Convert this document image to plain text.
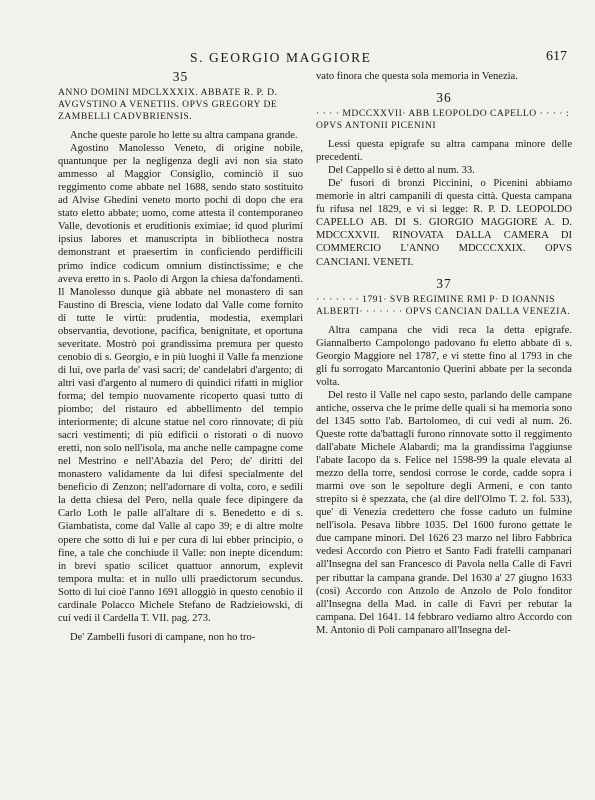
S. GEORGIO MAGGIORE	617
35
ANNO DOMINI MDCLXXXIX. ABBATE R. P. D. AVGVSTINO A VENETIIS. OPVS GREGORY DE ZAMBELLI CADVBRIENSIS.

Anche queste parole ho lette su altra campana grande.

Agostino Manolesso Veneto, di origine nobile, quantunque per la negligenza degli avi non sia stato ammesso al Maggior Consiglio, cominciò il suo reggimento come abbate nel 1688, sendo stato sostituito ad Alvise Ghedini veneto morto pochi di dopo che era stato eletto abbate; uomo, come attesta il contemporaneo Valle, devotionis et eruditionis eximiae; id quod plurimi ipsius labores et manuscripta in bibliotheca nostra demonstrant et praesertim in conficiendo perdifficili primo indice codicum omnium distinctissime; e che aveva eretto in s. Paolo di Argon la chiesa da'fondamenti. Il Manolesso dunque già abbate nel monastero di san Faustino di Brescia, viene lodato dal Valle come fornito di tutte le virtù: prudentia, modestia, exemplari observantia, devotione, pacifica, benignitate, et oportuna severitate. Mostrò poi grandissima premura per questo cenobio di s. Georgio, e in più luoghi il Valle fa menzione di lui, ove parla de' vasi sacri; de' candelabri d'argento; di altri vasi d'argento al numero di quindici rifatti in miglior forma; del tempio nuovamente ricoperto quasi tutto di piombo; del ristauro ed abbellimento del tempio interiormente; di alcune statue nel coro rinnovate; di più sacri vestimenti; di più edificii o ristorati o di nuovo eretti, non solo nell'isola, ma anche nelle campagne come nel Mestrino e nell'Abazia del Pero; de' diritti del monastero validamente da lui difesi specialmente del beneficio di Zenzon; nell'adornare di volta, coro, e sedili la detta chiesa del Pero, nella quale fece dipingere da Carlo Loth le palle all'altare di s. Benedetto e di s. Giambatista, come dal Valle al capo 39; e di altre molte opere che sotto di lui e per cura di lui ebber principio, o fine, a tale che conchiude il Valle: non inepte dicendum: in brevi spatio scilicet quattuor annorum, explevit tempora multa: et in nullo ulli praedictorum secundus. Sotto di lui cioè l'anno 1691 alloggiò in questo cenobio il cardinale Polacco Michele Stefano de Radzieiowski, di cui vedi il Cardella T. VII. pag. 273.

De' Zambelli fusori di campane, non ho tro-

vato finora che questa sola memoria in Venezia.

36
· · · · MDCCXXVII· ABB LEOPOLDO CAPELLO · · · · : OPVS ANTONII PICENINI

Lessi questa epigrafe su altra campana minore delle precedenti.

Del Cappello si è detto al num. 33.

De' fusori di bronzi Piccinini, o Picenini abbiamo memorie in altri campanili di questa città. Questa campana fu rifusa nel 1829, e vi si legge: R. P. D. LEOPOLDO CAPELLO AB. DI S. GIORGIO MAGGIORE A. D. MDCCXXVII. RINOVATA DALLA CAMERA DI COMMERCIO L'ANNO MDCCCXXIX. OPVS CANCIANI. VENETI.

37
· · · · · · · 1791· SVB REGIMINE RMI P· D IOANNIS ALBERTI· · · · · · · OPVS CANCIAN DALLA VENEZIA.

Altra campana che vidi reca la detta epigrafe. Giannalberto Campolongo padovano fu eletto abbate di s. Georgio Maggiore nel 1787, e vi stette fino al 1793 in che gli fu sorrogato Marcantonio Querini abbate per la seconda volta.

Del resto il Valle nel capo sesto, parlando delle campane antiche, osserva che le prime delle quali si ha memoria sono del 1345 sotto l'ab. Bartolomeo, di cui vedi al num. 26. Queste rotte da'battagli furono rinnovate sotto il reggimento dall'abate Michele Alabardi; ma la grandissima l'aggiunse l'abate Iacopo da s. Felice nel 1598-99 la quale elevata al mezzo della torre, sendosi corrose le corde, cadde sopra i marmi ove son le sepolture degli Armeni, e con tanto strepito si è spezzata, che (al dire dell'Olmo T. 2. fol. 533), que' di Venezia credettero che fosse caduto un fulmine nell'isola. Pesava libbre 1035. Del 1600 furono gettate le due campane minori. Del 1626 23 marzo nel libro Fabbrica vedesi Accordo con Pietro et Santo Fadi fratelli campanari all'Insegna del san Francesco di Pavola nella Calle di Favri per ributtar la campana grande. Del 1630 a' 27 giugno 1633 (così) Accordo con Anzolo de Anzolo de Polo fonditor all'Insegna della Mad. in calle di Favri per rebutar la campana. Del 1641. 14 febbraro vediamo altro Accordo con M. Antonio di Poli campanaro all'Insegna del-
